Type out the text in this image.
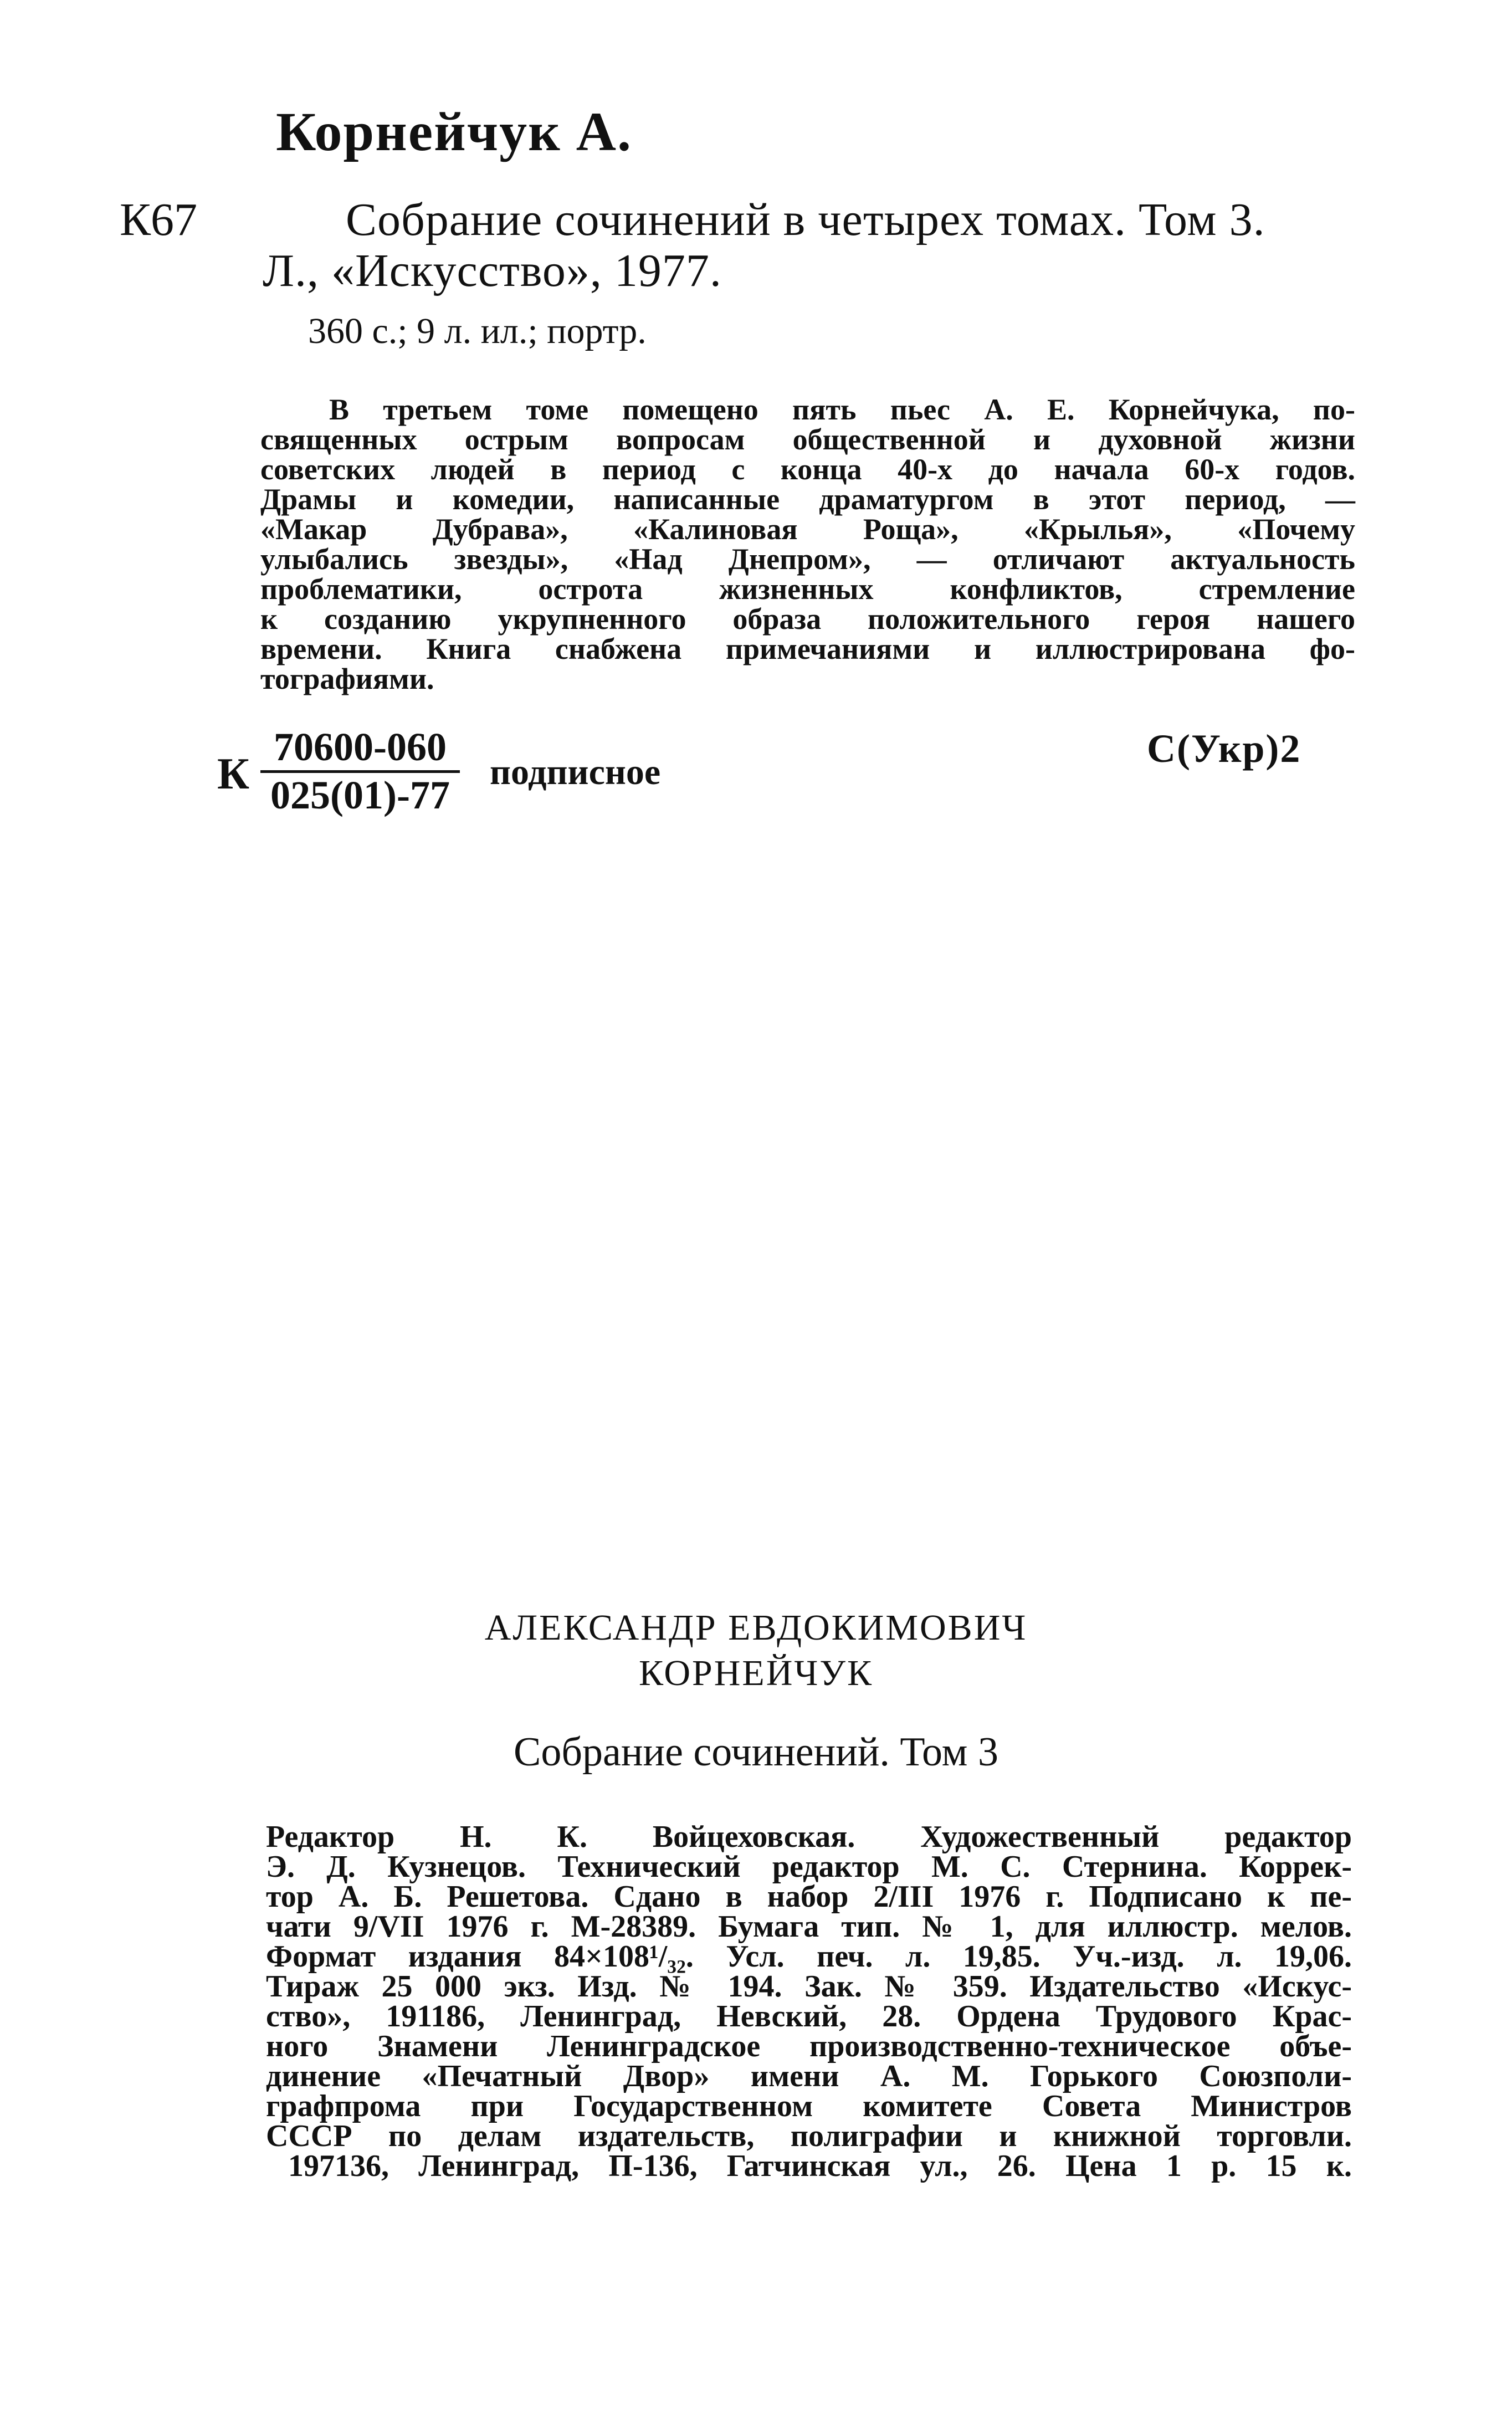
Корнейчук А.
К67	Собрание сочинений в четырех томах. Том 3.
Л., «Искусство», 1977.
360 с.; 9 л. ил.; портр.
В третьем томе помещено пять пьес А. Е. Корнейчука, по-
священных острым вопросам общественной и духовной жизни
советских людей в период с конца 40-х до начала 60-х годов.
Драмы и комедии, написанные драматургом в этот период, —
«Макар Дубрава», «Калиновая Роща», «Крылья», «Почему
улыбались звезды», «Над Днепром», — отличают актуальность
проблематики, острота жизненных конфликтов, стремление
к созданию укрупненного образа положительного героя нашего
времени. Книга снабжена примечаниями и иллюстрирована фо-
тографиями.
К $\frac{70600-060}{025(01)-77}$ подписное
С(Укр)2
АЛЕКСАНДР ЕВДОКИМОВИЧ
КОРНЕЙЧУК
Собрание сочинений. Том 3
Редактор Н. К. Войцеховская. Художественный редактор
Э. Д. Кузнецов. Технический редактор М. С. Стернина. Коррек-
тор А. Б. Решетова. Сдано в набор 2/III 1976 г. Подписано к пе-
чати 9/VII 1976 г. М-28389. Бумага тип. № 1, для иллюстр. мелов.
Формат издания 84×108¹/₃₂. Усл. печ. л. 19,85. Уч.-изд. л. 19,06.
Тираж 25 000 экз. Изд. № 194. Зак. № 359. Издательство «Искус-
ство», 191186, Ленинград, Невский, 28. Ордена Трудового Крас-
ного Знамени Ленинградское производственно-техническое объе-
динение «Печатный Двор» имени А. М. Горького Союзполи-
графпрома при Государственном комитете Совета Министров
СССР по делам издательств, полиграфии и книжной торговли.
197136, Ленинград, П-136, Гатчинская ул., 26. Цена 1 р. 15 к.
